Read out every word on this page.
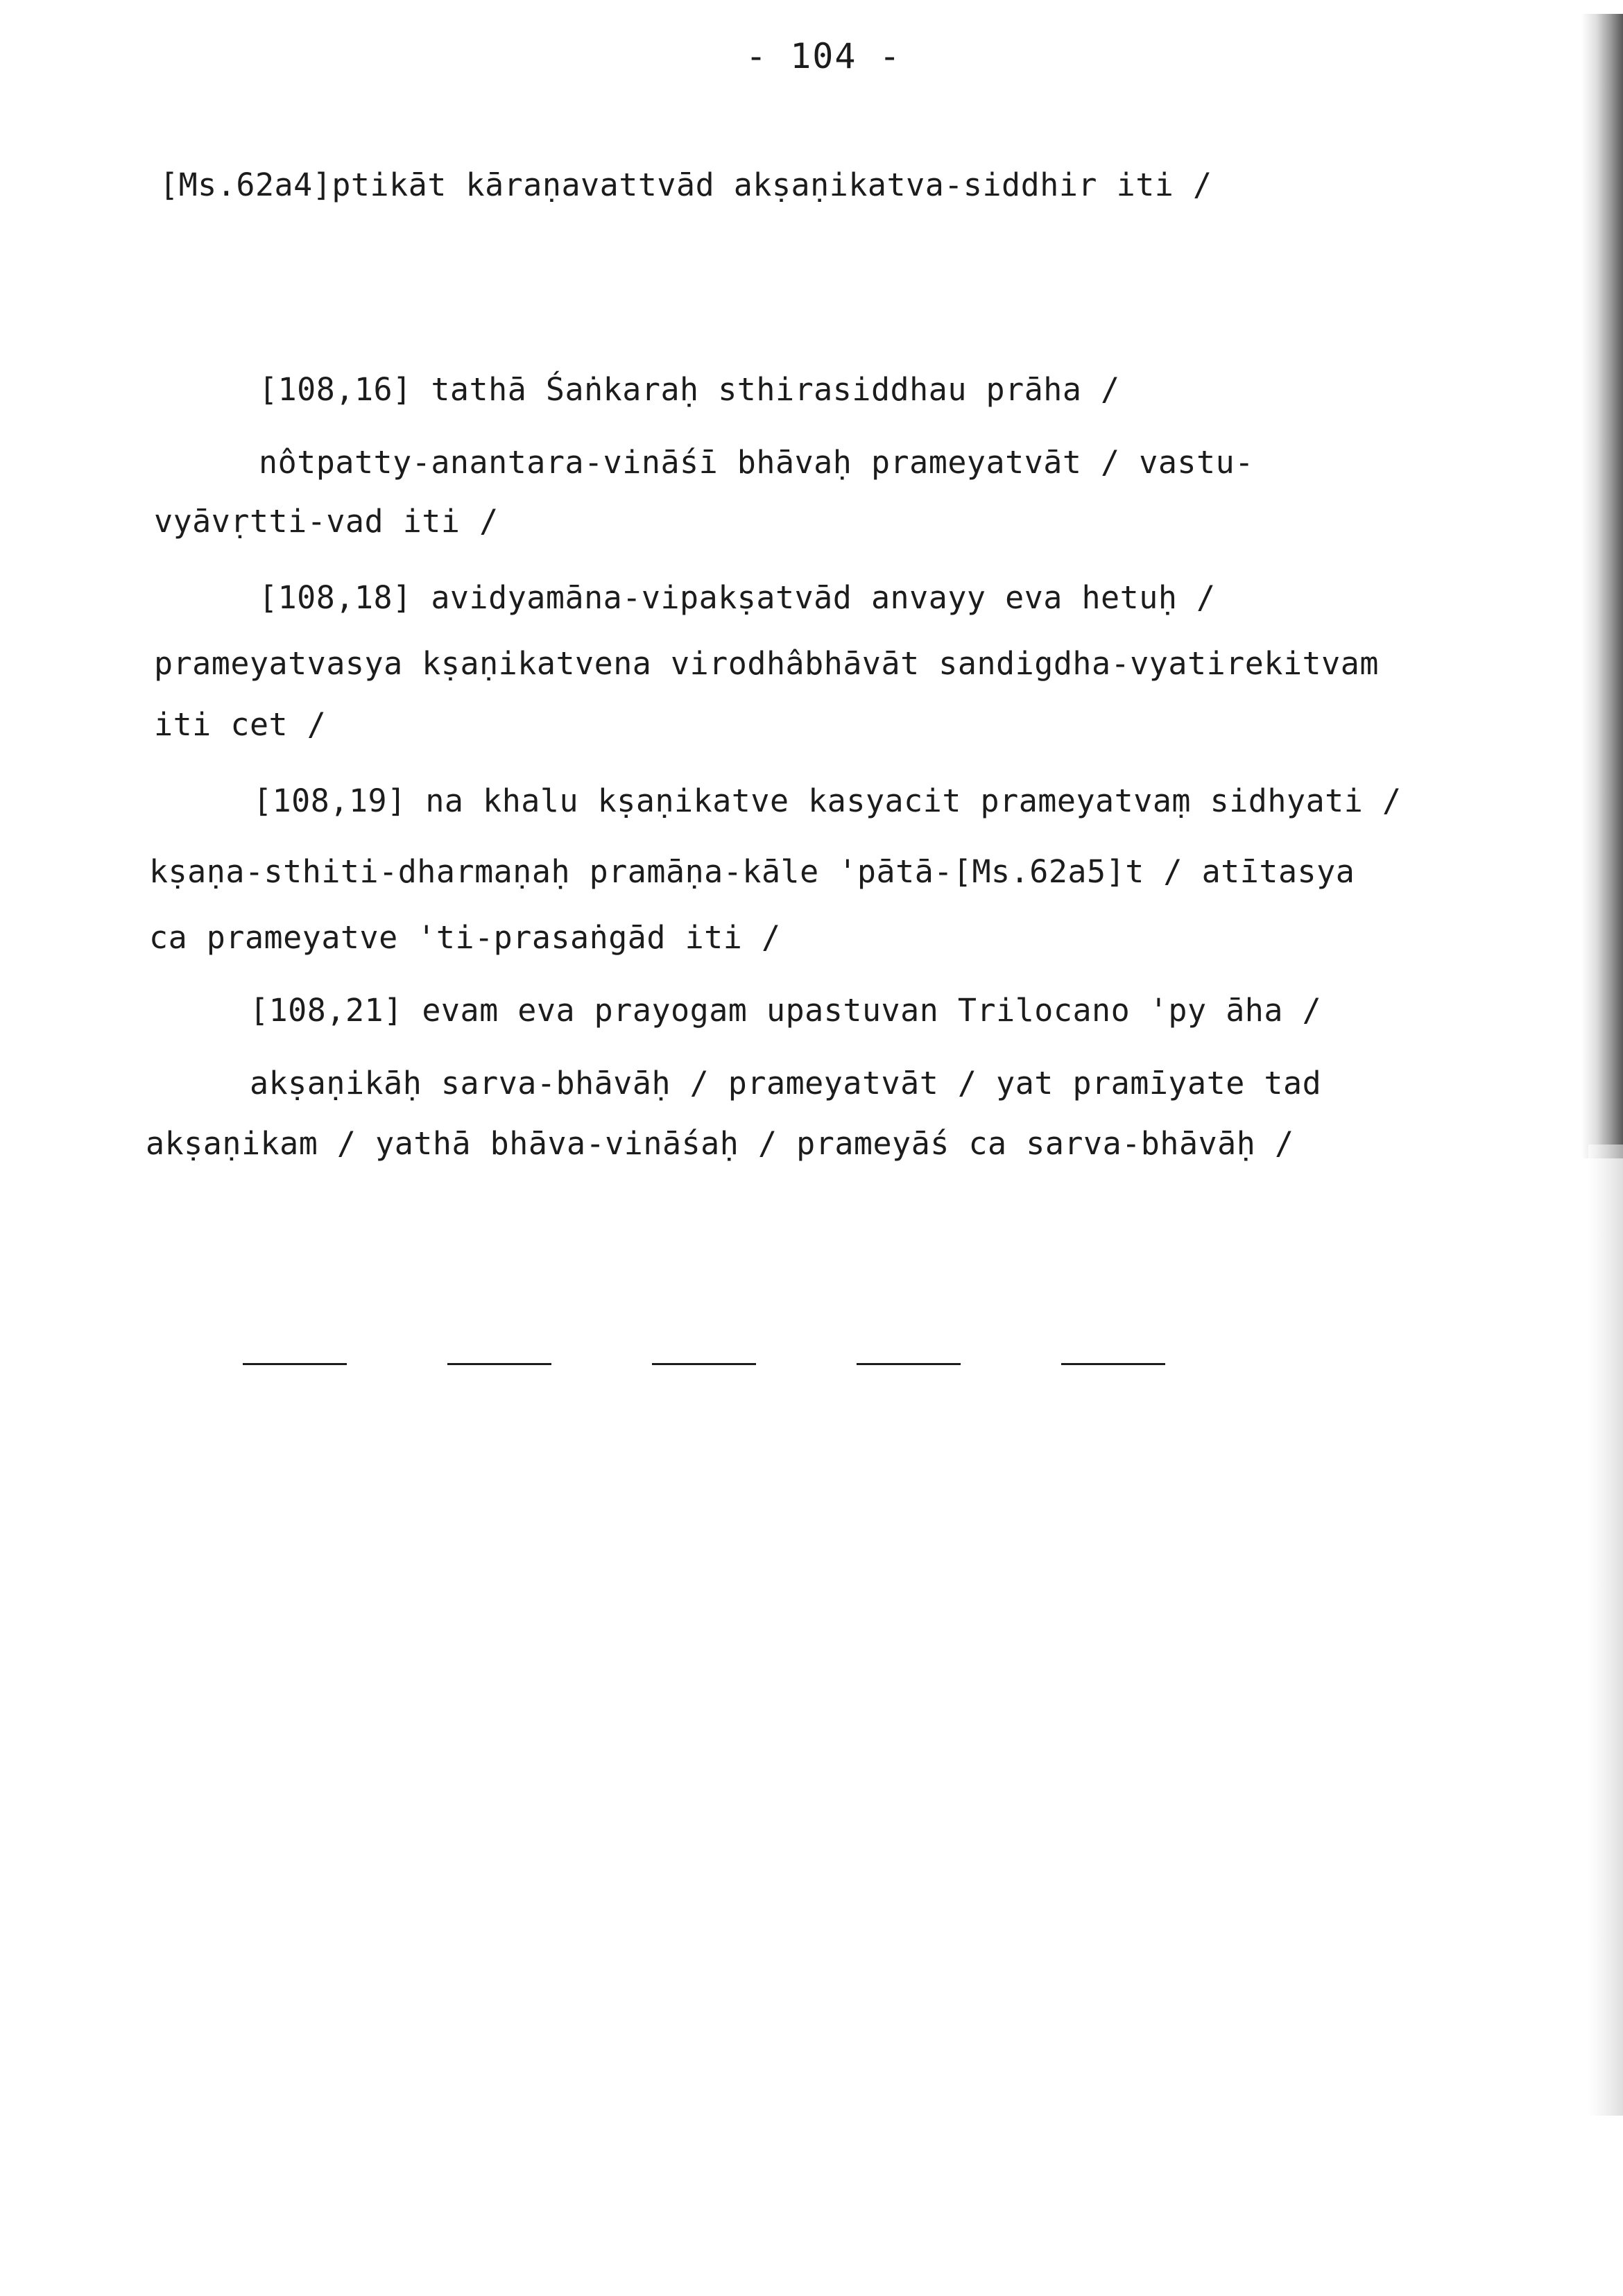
- 104 -
[Ms.62a4]ptikāt kāraṇavattvād akṣaṇikatva-siddhir iti /
[108,16] tathā Śaṅkaraḥ sthirasiddhau prāha /
nôtpatty-anantara-vināśī bhāvaḥ prameyatvāt / vastu-
vyāvṛtti-vad iti /
[108,18] avidyamāna-vipakṣatvād anvayy eva hetuḥ /
prameyatvasya kṣaṇikatvena virodhâbhāvāt sandigdha-vyatirekitvam
iti cet /
[108,19] na khalu kṣaṇikatve kasyacit prameyatvaṃ sidhyati /
kṣaṇa-sthiti-dharmaṇaḥ pramāṇa-kāle 'pātā-[Ms.62a5]t / atītasya
ca prameyatve 'ti-prasaṅgād iti /
[108,21] evam eva prayogam upastuvan Trilocano 'py āha /
akṣaṇikāḥ sarva-bhāvāḥ / prameyatvāt / yat pramīyate tad
akṣaṇikam / yathā bhāva-vināśaḥ / prameyāś ca sarva-bhāvāḥ /
